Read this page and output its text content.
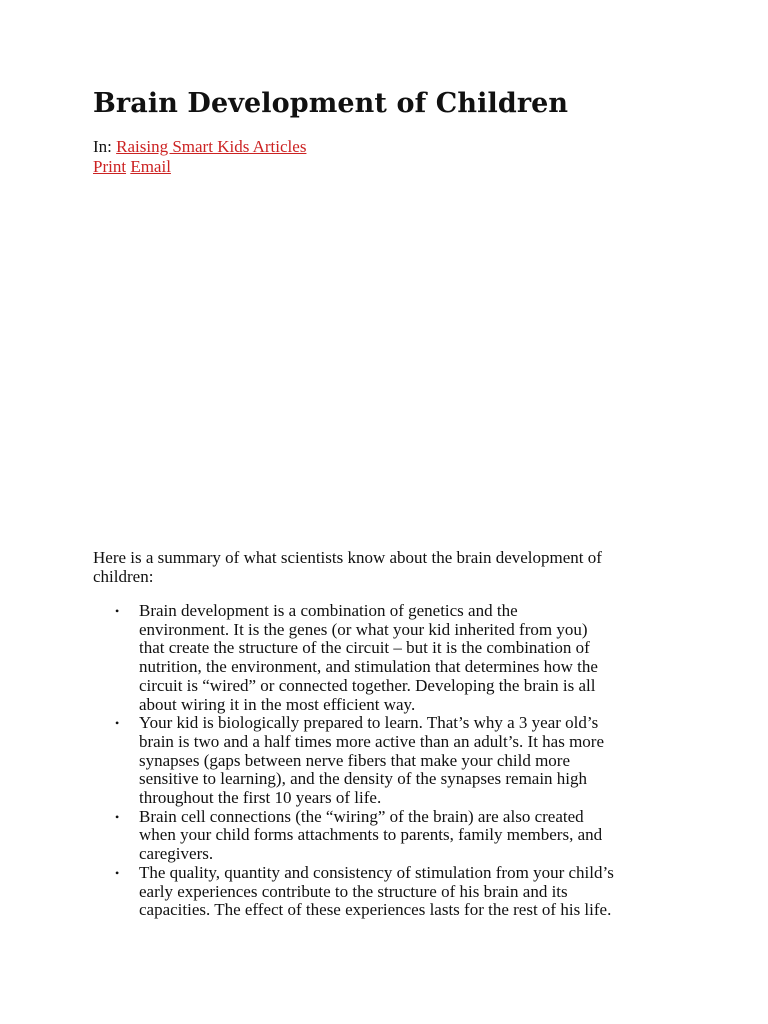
Brain Development of Children
In: Raising Smart Kids Articles
Print Email

Here is a summary of what scientists know about the brain development of
children:

•	Brain development is a combination of genetics and the
environment. It is the genes (or what your kid inherited from you)
that create the structure of the circuit – but it is the combination of
nutrition, the environment, and stimulation that determines how the
circuit is “wired” or connected together. Developing the brain is all
about wiring it in the most efficient way.
•	Your kid is biologically prepared to learn. That’s why a 3 year old’s
brain is two and a half times more active than an adult’s. It has more
synapses (gaps between nerve fibers that make your child more
sensitive to learning), and the density of the synapses remain high
throughout the first 10 years of life.
•	Brain cell connections (the “wiring” of the brain) are also created
when your child forms attachments to parents, family members, and
caregivers.
•	The quality, quantity and consistency of stimulation from your child’s
early experiences contribute to the structure of his brain and its
capacities. The effect of these experiences lasts for the rest of his life.
